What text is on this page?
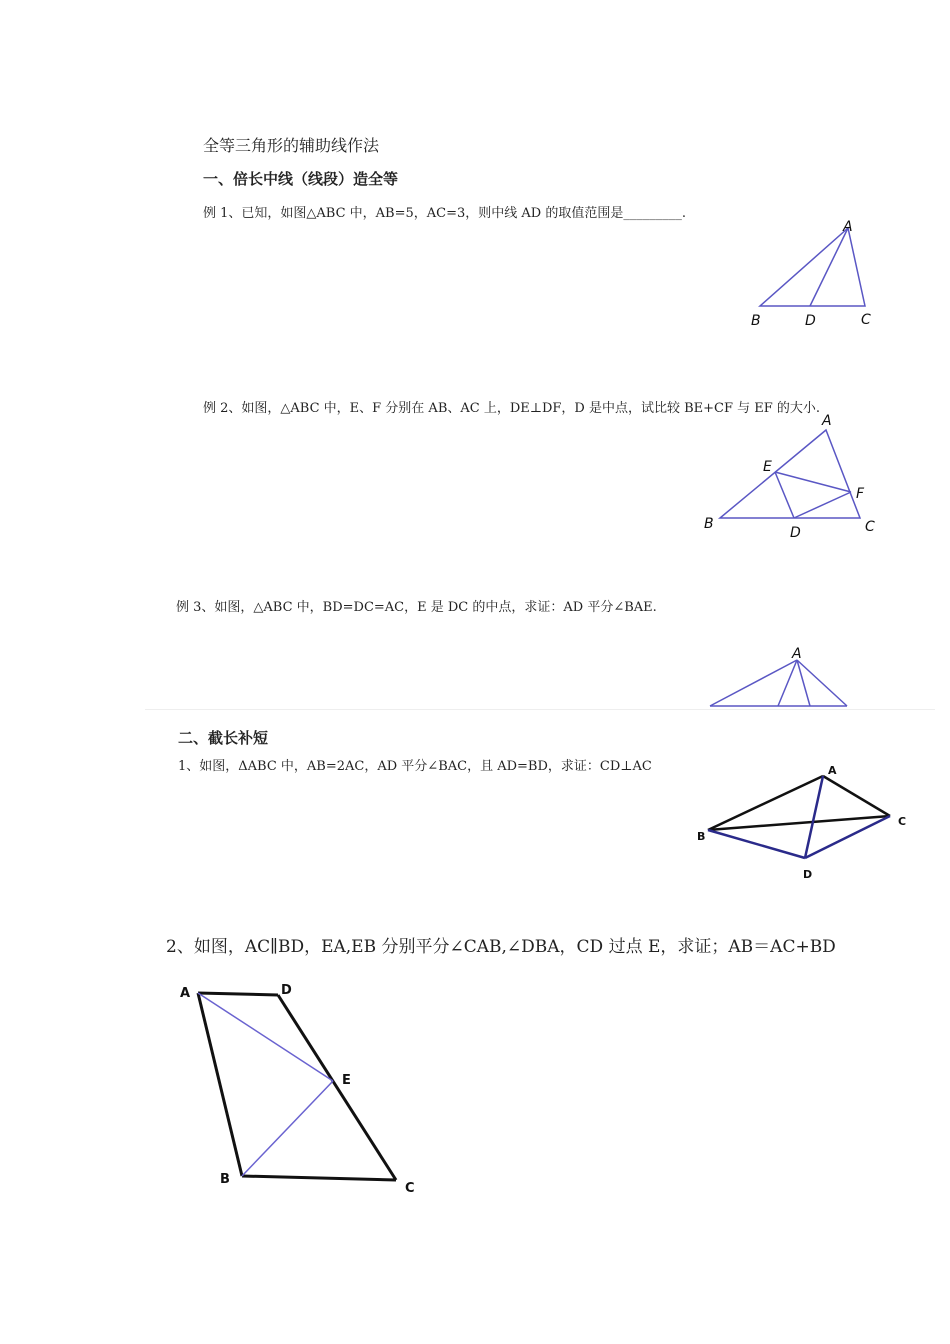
全等三角形的辅助线作法
一、倍长中线（线段）造全等
例 1、已知，如图△ABC 中，AB=5，AC=3，则中线 AD 的取值范围是_________.
A
B	D	C
例 2、如图，△ABC 中，E、F 分别在 AB、AC 上，DE⊥DF，D 是中点，试比较 BE+CF 与 EF 的大小.
A
E
F
B
D	C
例 3、如图，△ABC 中，BD=DC=AC，E 是 DC 的中点，求证：AD 平分∠BAE.
A
二、截长补短
1、如图，ΔABC 中，AB=2AC，AD 平分∠BAC，且 AD=BD，求证：CD⊥AC	A
B
C
D
2、如图，AC∥BD，EA,EB 分别平分∠CAB,∠DBA，CD 过点 E，求证；AB＝AC+BD
A	D
E
B
C
